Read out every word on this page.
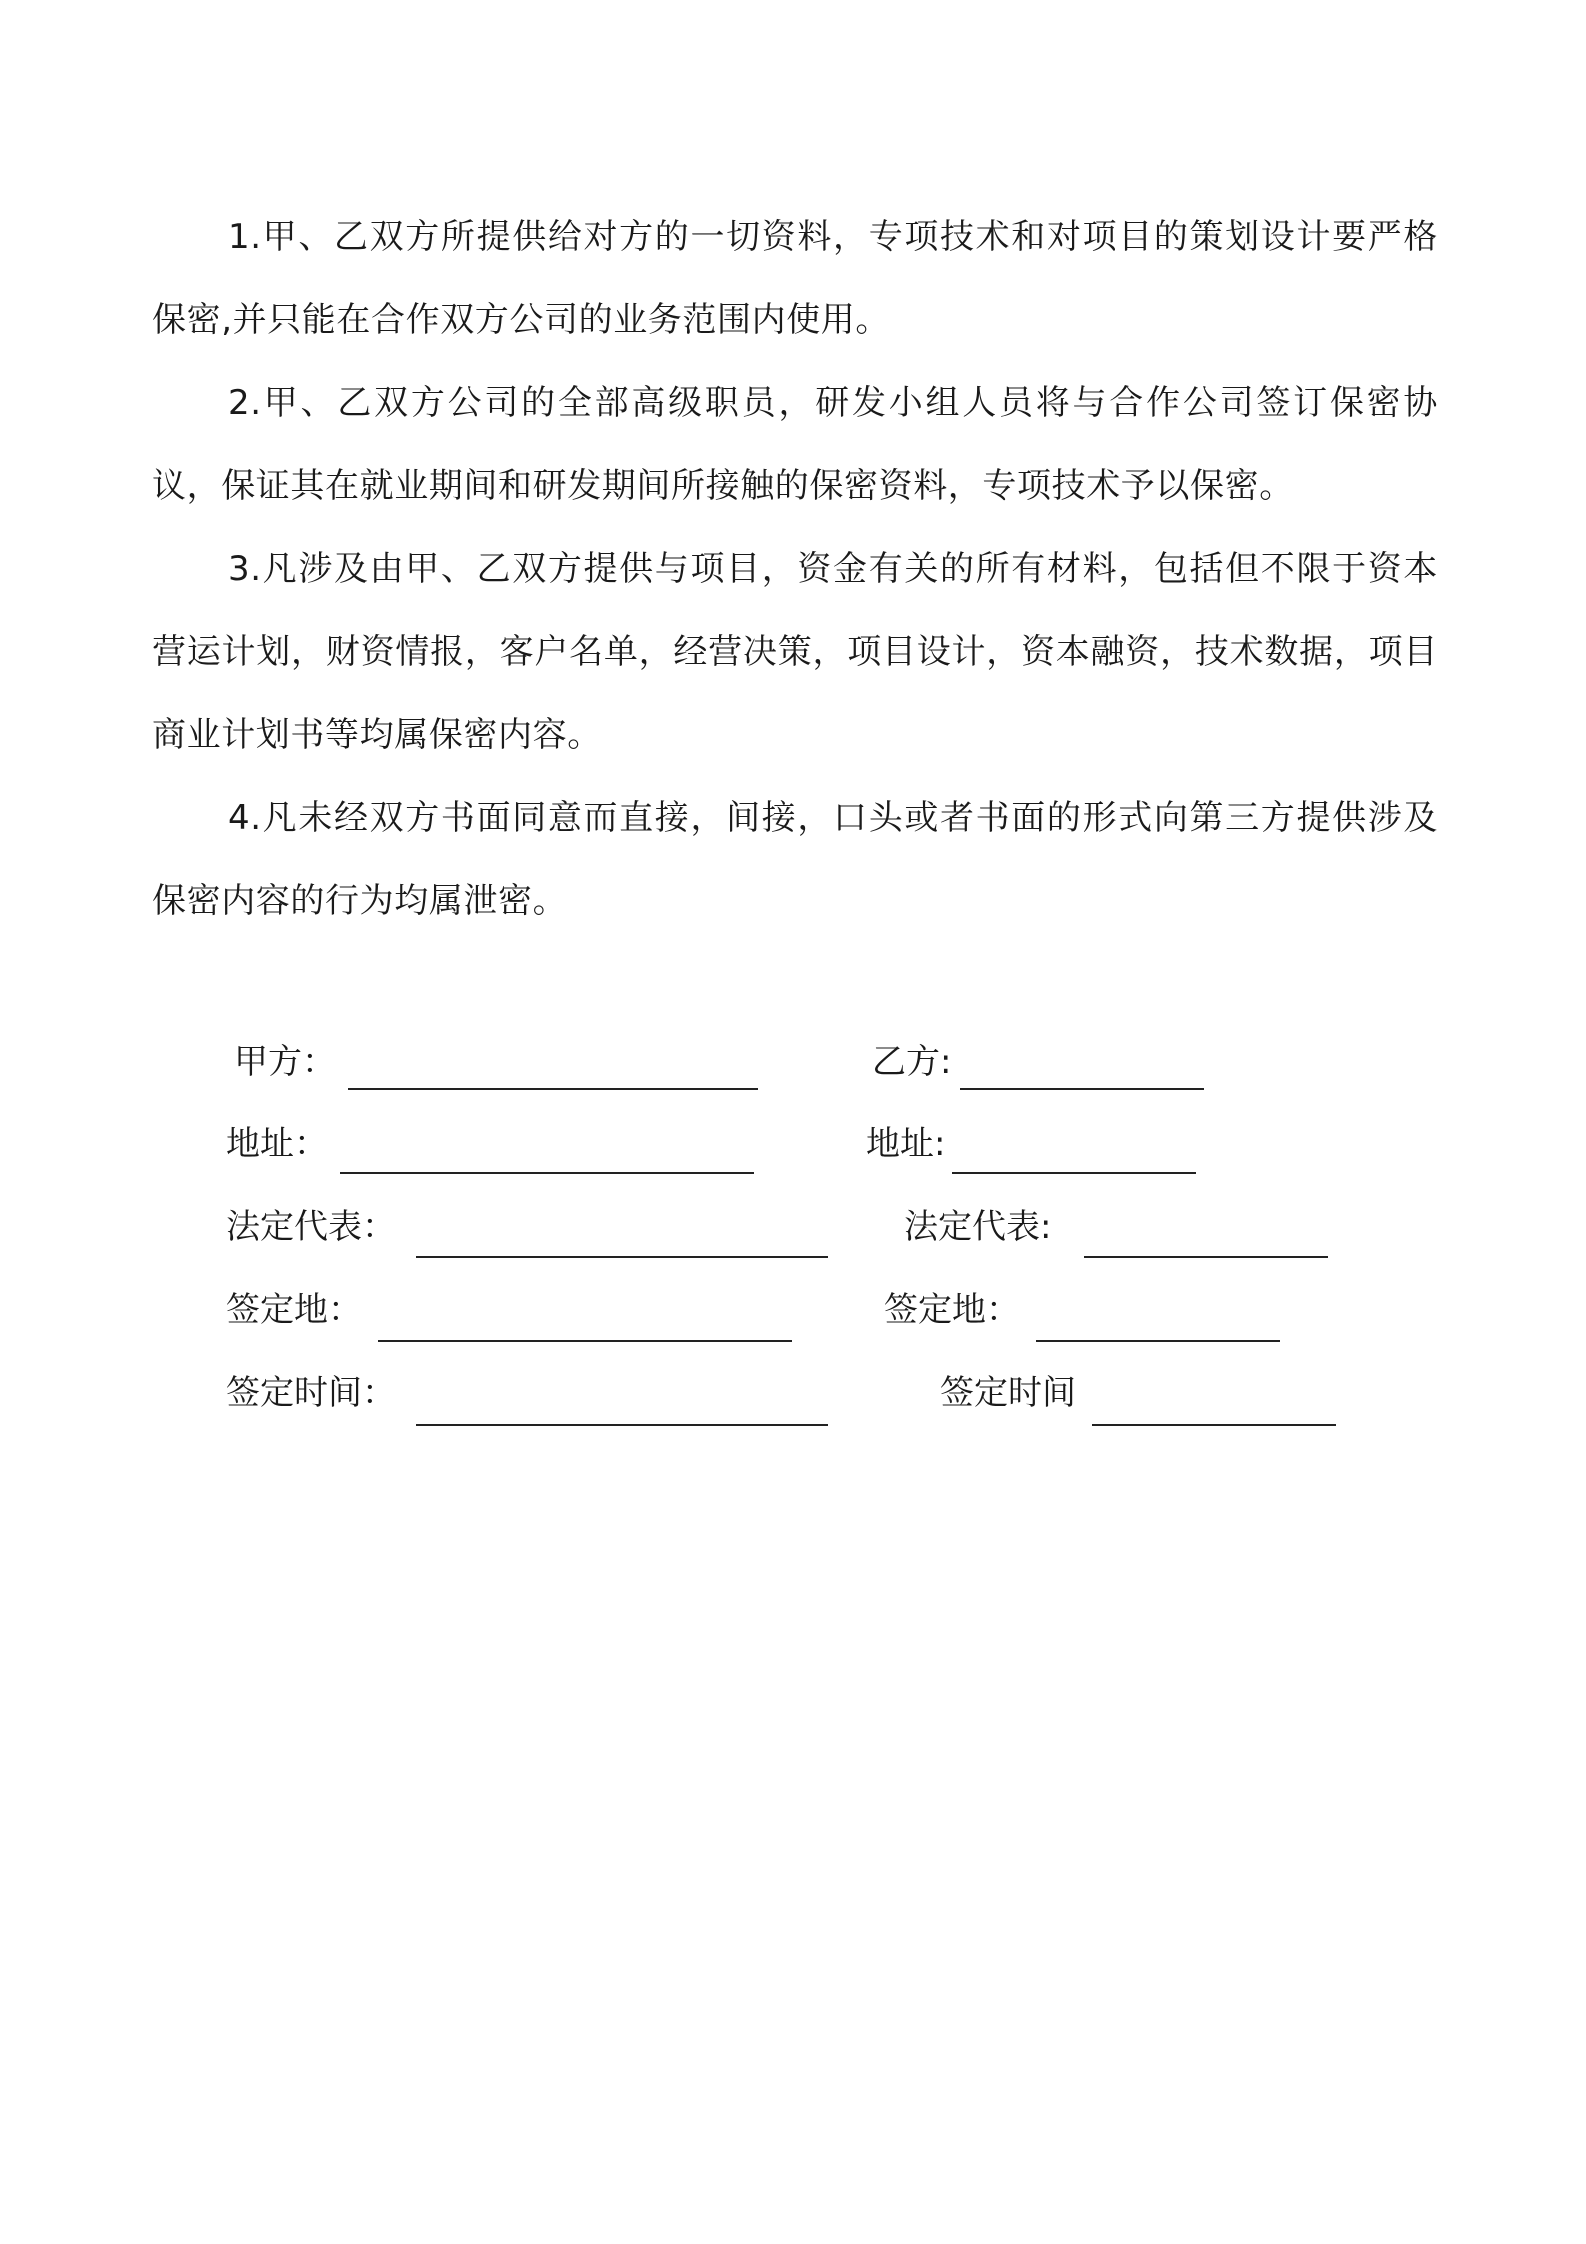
1.甲、乙双方所提供给对方的一切资料，专项技术和对项目的策划设计要严格保密,并只能在合作双方公司的业务范围内使用。

2.甲、乙双方公司的全部高级职员，研发小组人员将与合作公司签订保密协议，保证其在就业期间和研发期间所接触的保密资料，专项技术予以保密。

3.凡涉及由甲、乙双方提供与项目，资金有关的所有材料，包括但不限于资本营运计划，财资情报，客户名单，经营决策，项目设计，资本融资，技术数据，项目商业计划书等均属保密内容。

4.凡未经双方书面同意而直接，间接，口头或者书面的形式向第三方提供涉及保密内容的行为均属泄密。

甲方：
地址：
法定代表：
签定地：
签定时间：
乙方:
地址:
法定代表:
签定地：
签定时间
